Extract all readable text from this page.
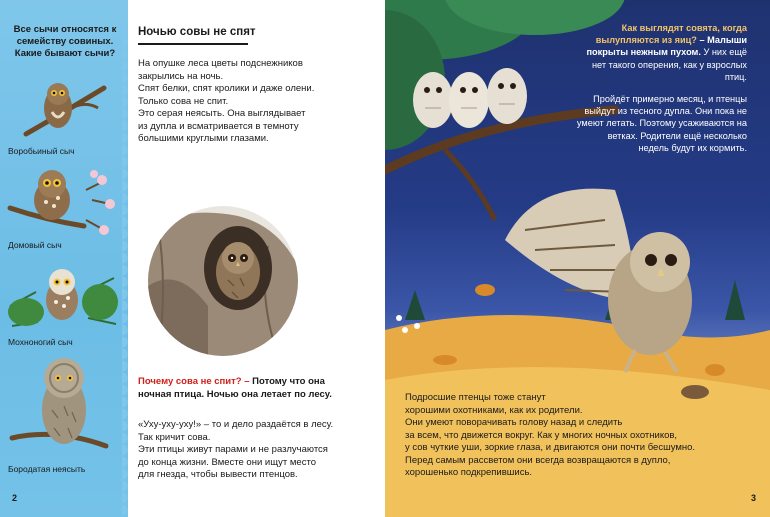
Все сычи относятся к семейству совиных. Какие бывают сычи?
Воробьиный сыч
Домовый сыч
Мохноногий сыч
Бородатая неясыть
2
Ночью совы не спят

На опушке леса цветы подснежников

закрылись на ночь.

Спят белки, спят кролики и даже олени.

Только сова не спит.

Это серая неясыть. Она выглядывает

из дупла и всматривается в темноту

большими круглыми глазами.

Почему сова не спит? – Потому что она

ночная птица. Ночью она летает по лесу.

«Уху-уху-уху!» – то и дело раздаётся в лесу.

Так кричит сова.

Эти птицы живут парами и не разлучаются

до конца жизни. Вместе они ищут место

для гнезда, чтобы вывести птенцов.

Как выглядят совята, когда вылупляются из яиц? – Малыши покрыты нежным пухом. У них ещё нет такого оперения, как у взрослых птиц.

Пройдёт примерно месяц, и птенцы выйдут из тесного дупла. Они пока не умеют летать. Поэтому усаживаются на ветках. Родители ещё несколько недель будут их кормить.

Подросшие птенцы тоже станут

хорошими охотниками, как их родители.

Они умеют поворачивать голову назад и следить

за всем, что движется вокруг. Как у многих ночных охотников,

у сов чуткие уши, зоркие глаза, и двигаются они почти бесшумно.

Перед самым рассветом они всегда возвращаются в дупло,

хорошенько подкрепившись.

3
